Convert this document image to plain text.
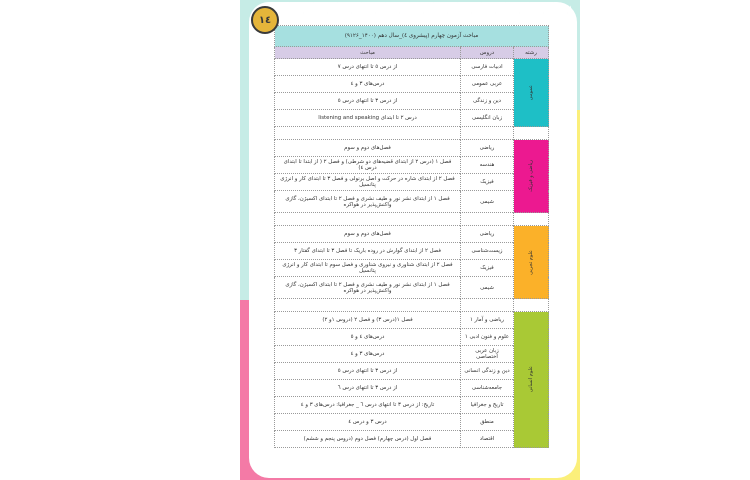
١٤
مباحث آزمون چهارم (پیشروی ٤)_سال دهم (۱۴۰۰_۹۱۲۶)		
رشته	دروس	مباحث
عمومی	ادبیات فارسی	از درس ٥ تا انتهای درس ٧
	عربی عمومی	درس‌های ٣ و ٤
	دین و زندگی	از درس ٣ تا انتهای درس ٥
	زبان انگلیسی	درس ٢ تا ابتدای listening and speaking

ریاضی و فیزیک	ریاضی	فصل‌های دوم و سوم
	هندسه	فصل ١ (درس ٢ از ابتدای قضیه‌های دو شرطی) و فصل ٢ ( از ابتدا تا ابتدای درس ٤)
	فیزیک	فصل ٢ از ابتدای شاره در حرکت و اصل برنولی و فصل ٣ تا ابتدای کار و انرژی پتانسیل
	شیمی	فصل ١ از ابتدای نشر نور و طیف نشری و فصل ٢ تا ابتدای اکسیژن، گازی واکنش‌پذیر در هواکره

علوم تجربی	ریاضی	فصل‌های دوم و سوم
	زیست‌شناسی	فصل ٢ از ابتدای گوارش در روده باریک تا فصل ٣ تا ابتدای گفتار ٣
	فیزیک	فصل ٢ از ابتدای شناوری و نیروی شناوری و فصل سوم تا ابتدای کار و انرژی پتانسیل
	شیمی	فصل ١ از ابتدای نشر نور و طیف نشری و فصل ٢ تا ابتدای اکسیژن، گازی واکنش‌پذیر در هواکره

علوم انسانی	ریاضی و آمار ١	فصل ١(درس ٣) و فصل ٢ (دروس ١و ٢)
	علوم و فنون ادبی ١	درس‌های ٤ و ٥
	زبان عربی اختصاصی	درس‌های ٣ و ٤
	دین و زندگی انسانی	از درس ٣ تا انتهای درس ٥
	جامعه‌شناسی	از درس ٣ تا انتهای درس ٦
	تاریخ و جغرافیا	تاریخ: از درس ٣ تا انتهای درس ٦ _ جغرافیا: درس‌های ٣ و ٤
	منطق	درس ٣ و درس ٤
	اقتصاد	فصل اول (درس چهارم) فصل دوم (دروس پنجم و ششم)
